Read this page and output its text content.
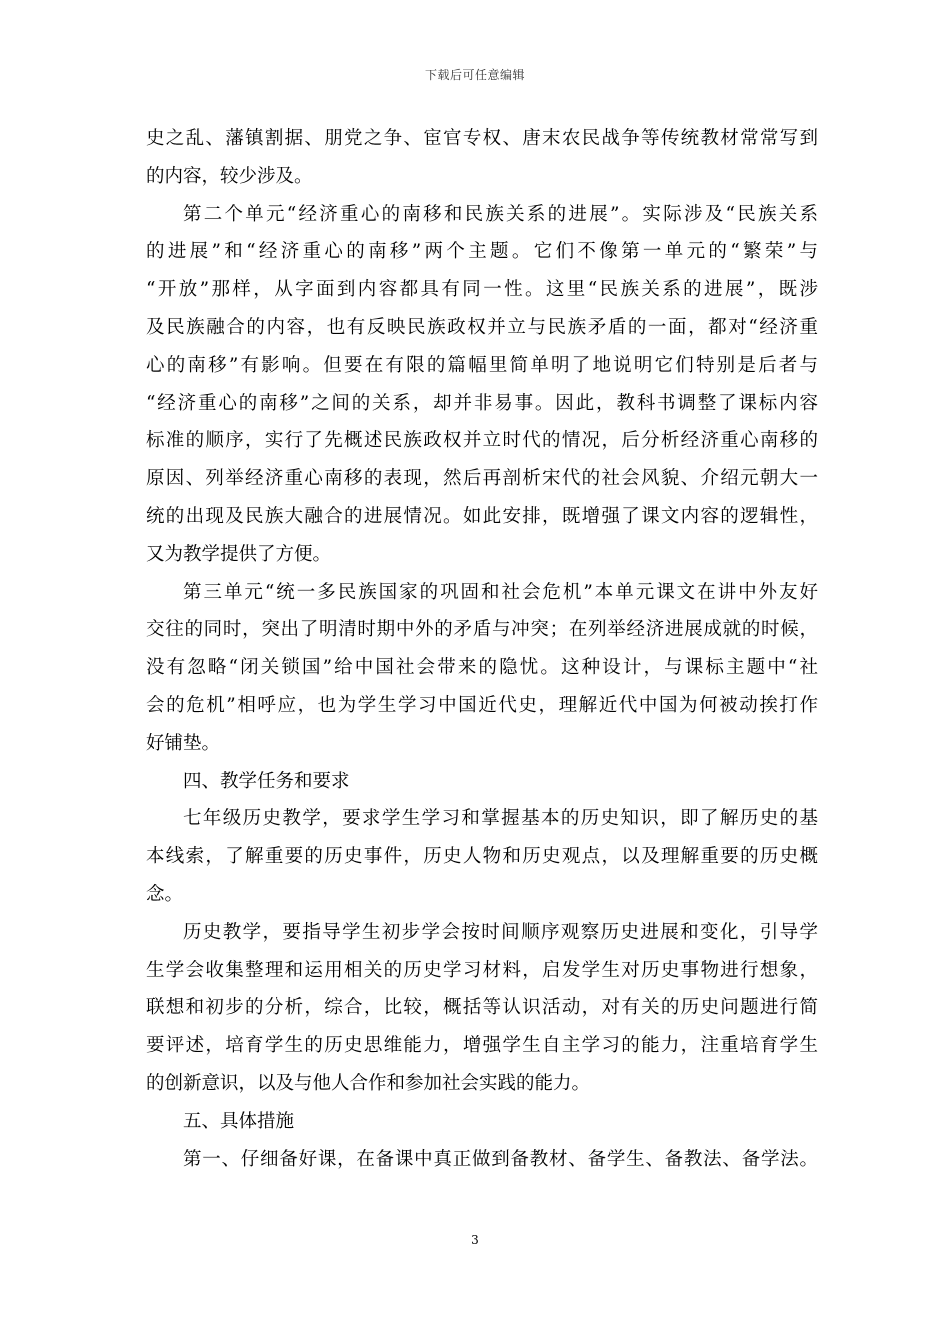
下载后可任意编辑
史之乱、藩镇割据、朋党之争、宦官专权、唐末农民战争等传统教材常常写到
的内容，较少涉及。
第二个单元“经济重心的南移和民族关系的进展”。实际涉及“民族关系
的进展”和“经济重心的南移”两个主题。它们不像第一单元的“繁荣”与
“开放”那样，从字面到内容都具有同一性。这里“民族关系的进展”，既涉
及民族融合的内容，也有反映民族政权并立与民族矛盾的一面，都对“经济重
心的南移”有影响。但要在有限的篇幅里简单明了地说明它们特别是后者与
“经济重心的南移”之间的关系，却并非易事。因此，教科书调整了课标内容
标准的顺序，实行了先概述民族政权并立时代的情况，后分析经济重心南移的
原因、列举经济重心南移的表现，然后再剖析宋代的社会风貌、介绍元朝大一
统的出现及民族大融合的进展情况。如此安排，既增强了课文内容的逻辑性，
又为教学提供了方便。
第三单元“统一多民族国家的巩固和社会危机”本单元课文在讲中外友好
交往的同时，突出了明清时期中外的矛盾与冲突；在列举经济进展成就的时候，
没有忽略“闭关锁国”给中国社会带来的隐忧。这种设计，与课标主题中“社
会的危机”相呼应，也为学生学习中国近代史，理解近代中国为何被动挨打作
好铺垫。
四、教学任务和要求
七年级历史教学，要求学生学习和掌握基本的历史知识，即了解历史的基
本线索，了解重要的历史事件，历史人物和历史观点，以及理解重要的历史概
念。
历史教学，要指导学生初步学会按时间顺序观察历史进展和变化，引导学
生学会收集整理和运用相关的历史学习材料，启发学生对历史事物进行想象，
联想和初步的分析，综合，比较，概括等认识活动，对有关的历史问题进行简
要评述，培育学生的历史思维能力，增强学生自主学习的能力，注重培育学生
的创新意识，以及与他人合作和参加社会实践的能力。
五、具体措施
第一、仔细备好课，在备课中真正做到备教材、备学生、备教法、备学法。
3
